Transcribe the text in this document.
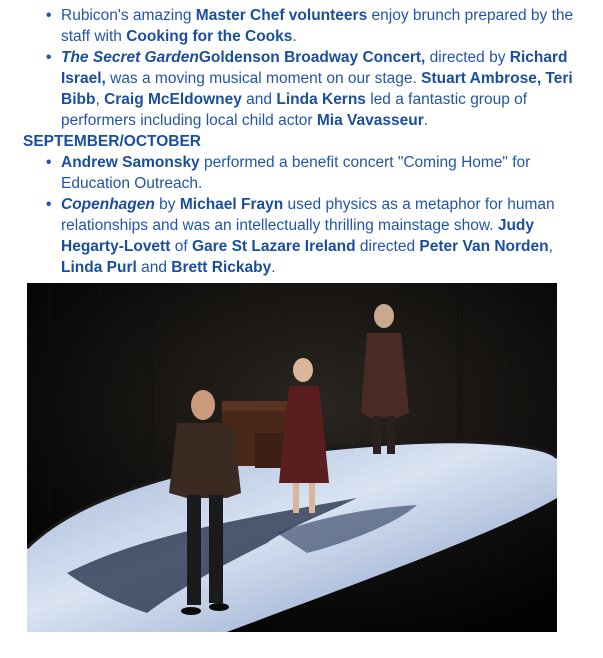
• Rubicon's amazing Master Chef volunteers enjoy brunch prepared by the staff with Cooking for the Cooks.
• The Secret GardenGoldenson Broadway Concert, directed by Richard Israel, was a moving musical moment on our stage. Stuart Ambrose, Teri Bibb, Craig McEldowney and Linda Kerns led a fantastic group of performers including local child actor Mia Vavasseur.
SEPTEMBER/OCTOBER
• Andrew Samonsky performed a benefit concert "Coming Home" for Education Outreach.
• Copenhagen by Michael Frayn used physics as a metaphor for human relationships and was an intellectually thrilling mainstage show. Judy Hegarty-Lovett of Gare St Lazare Ireland directed Peter Van Norden, Linda Purl and Brett Rickaby.
